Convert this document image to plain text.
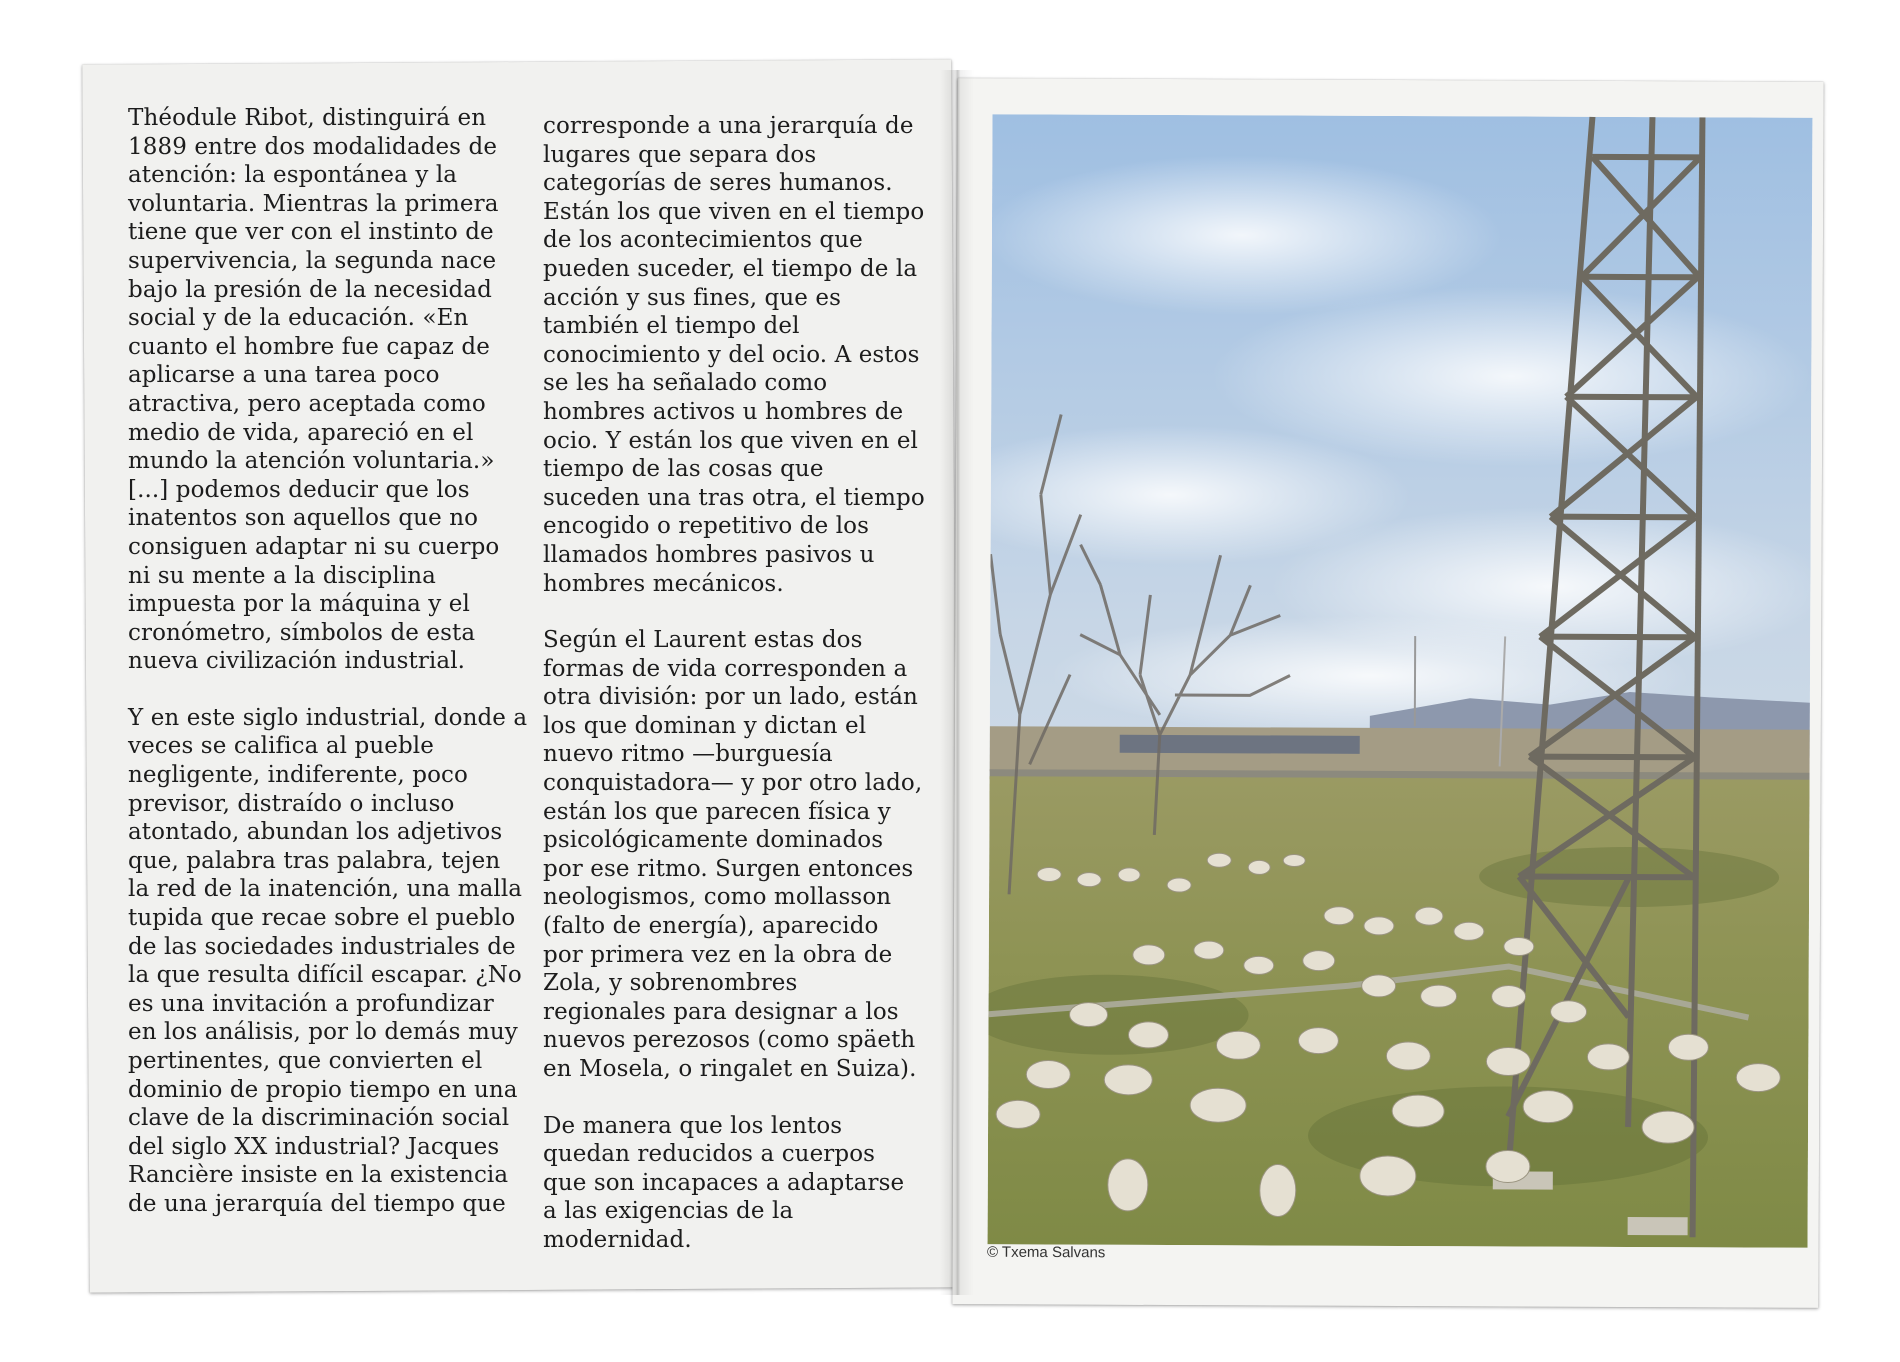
Théodule Ribot, distinguirá en 1889 entre dos modalidades de atención: la espontánea y la voluntaria. Mientras la primera tiene que ver con el instinto de supervivencia, la segunda nace bajo la presión de la necesidad social y de la educación. «En cuanto el hombre fue capaz de aplicarse a una tarea poco atractiva, pero aceptada como medio de vida, apareció en el mundo la atención voluntaria.» [...] podemos deducir que los inatentos son aquellos que no consiguen adaptar ni su cuerpo ni su mente a la disciplina impuesta por la máquina y el cronómetro, símbolos de esta nueva civilización industrial.

Y en este siglo industrial, donde a veces se califica al pueble negligente, indiferente, poco previsor, distraído o incluso atontado, abundan los adjetivos que, palabra tras palabra, tejen la red de la inatención, una malla tupida que recae sobre el pueblo de las sociedades industriales de la que resulta difícil escapar. ¿No es una invitación a profundizar en los análisis, por lo demás muy pertinentes, que convierten el dominio de propio tiempo en una clave de la discriminación social del siglo XX industrial? Jacques Rancière insiste en la existencia de una jerarquía del tiempo que

corresponde a una jerarquía de lugares que separa dos categorías de seres humanos. Están los que viven en el tiempo de los acontecimientos que pueden suceder, el tiempo de la acción y sus fines, que es también el tiempo del conocimiento y del ocio. A estos se les ha señalado como hombres activos u hombres de ocio. Y están los que viven en el tiempo de las cosas que suceden una tras otra, el tiempo encogido o repetitivo de los llamados hombres pasivos u hombres mecánicos.

Según el Laurent estas dos formas de vida corresponden a otra división: por un lado, están los que dominan y dictan el nuevo ritmo —burguesía conquistadora— y por otro lado, están los que parecen física y psicológicamente dominados por ese ritmo. Surgen entonces neologismos, como mollasson (falto de energía), aparecido por primera vez en la obra de Zola, y sobrenombres regionales para designar a los nuevos perezosos (como späeth en Mosela, o ringalet en Suiza).

De manera que los lentos quedan reducidos a cuerpos que son incapaces a adaptarse a las exigencias de la modernidad.	© Txema Salvans
